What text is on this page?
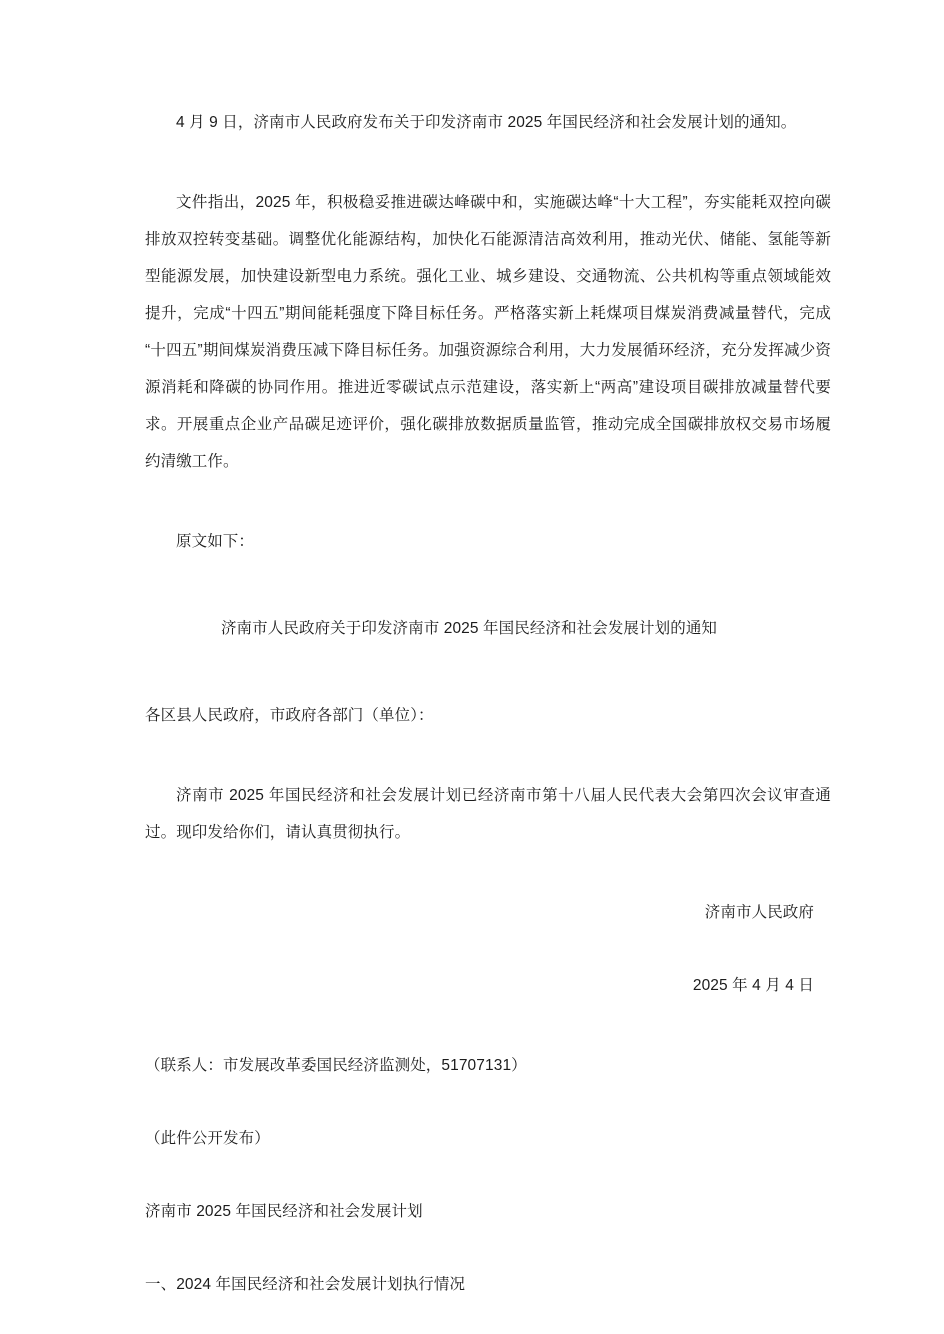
4 月 9 日，济南市人民政府发布关于印发济南市 2025 年国民经济和社会发展计划的通知。

文件指出，2025 年，积极稳妥推进碳达峰碳中和，实施碳达峰“十大工程”，夯实能耗双控向碳排放双控转变基础。调整优化能源结构，加快化石能源清洁高效利用，推动光伏、储能、氢能等新型能源发展，加快建设新型电力系统。强化工业、城乡建设、交通物流、公共机构等重点领域能效提升，完成“十四五”期间能耗强度下降目标任务。严格落实新上耗煤项目煤炭消费减量替代，完成“十四五”期间煤炭消费压减下降目标任务。加强资源综合利用，大力发展循环经济，充分发挥减少资源消耗和降碳的协同作用。推进近零碳试点示范建设，落实新上“两高”建设项目碳排放减量替代要求。开展重点企业产品碳足迹评价，强化碳排放数据质量监管，推动完成全国碳排放权交易市场履约清缴工作。

原文如下：

济南市人民政府关于印发济南市 2025 年国民经济和社会发展计划的通知

各区县人民政府，市政府各部门（单位）：

济南市 2025 年国民经济和社会发展计划已经济南市第十八届人民代表大会第四次会议审查通过。现印发给你们，请认真贯彻执行。

济南市人民政府

2025 年 4 月 4 日

（联系人：市发展改革委国民经济监测处，51707131）

（此件公开发布）

济南市 2025 年国民经济和社会发展计划

一、2024 年国民经济和社会发展计划执行情况
